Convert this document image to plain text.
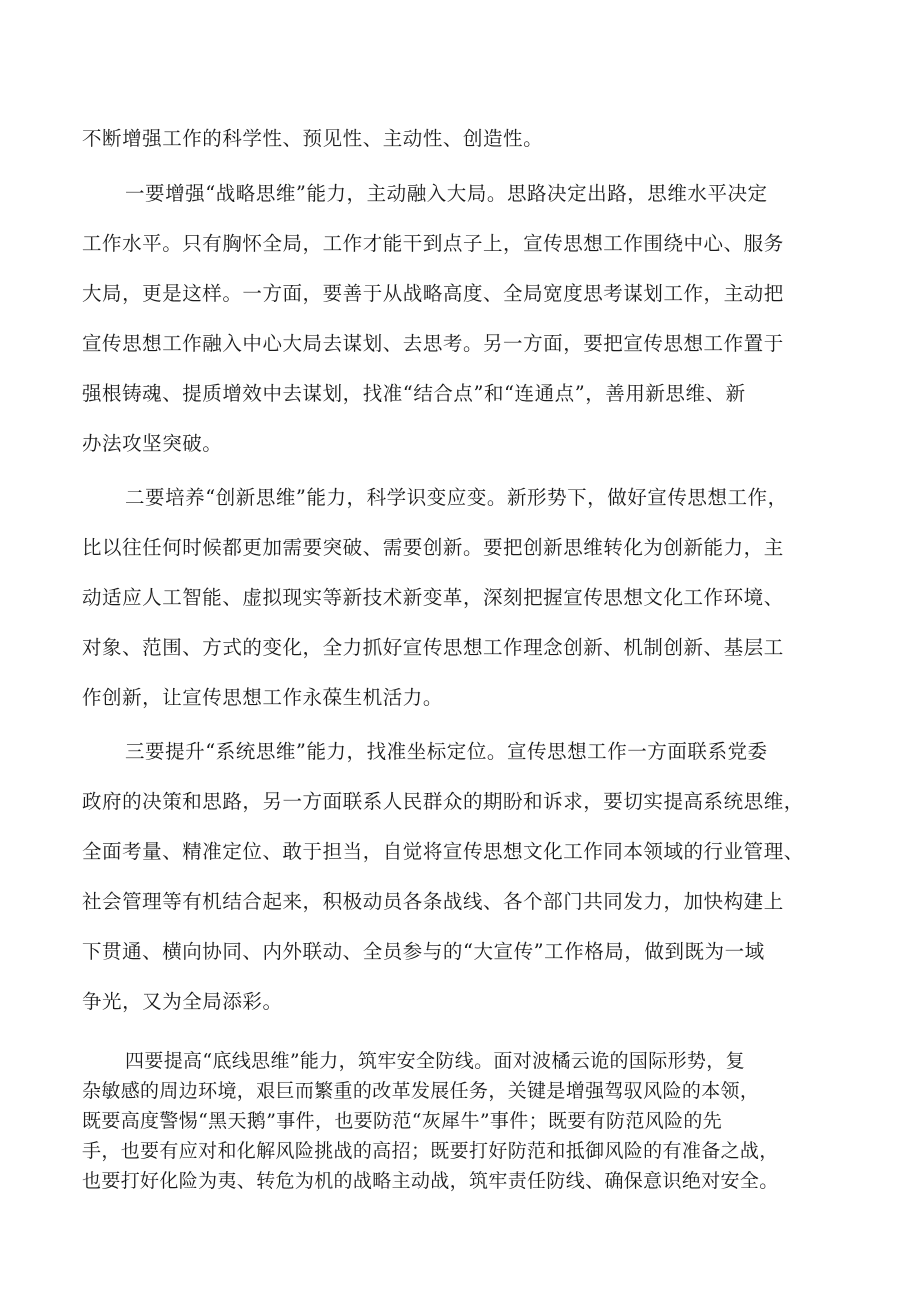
不断增强工作的科学性、预见性、主动性、创造性。
一要增强“战略思维”能力，主动融入大局。思路决定出路，思维水平决定
工作水平。只有胸怀全局，工作才能干到点子上，宣传思想工作围绕中心、服务
大局，更是这样。一方面，要善于从战略高度、全局宽度思考谋划工作，主动把
宣传思想工作融入中心大局去谋划、去思考。另一方面，要把宣传思想工作置于
强根铸魂、提质增效中去谋划，找准“结合点”和“连通点”，善用新思维、新
办法攻坚突破。
二要培养“创新思维”能力，科学识变应变。新形势下，做好宣传思想工作，
比以往任何时候都更加需要突破、需要创新。要把创新思维转化为创新能力，主
动适应人工智能、虚拟现实等新技术新变革，深刻把握宣传思想文化工作环境、
对象、范围、方式的变化，全力抓好宣传思想工作理念创新、机制创新、基层工
作创新，让宣传思想工作永葆生机活力。
三要提升“系统思维”能力，找准坐标定位。宣传思想工作一方面联系党委
政府的决策和思路，另一方面联系人民群众的期盼和诉求，要切实提高系统思维，
全面考量、精准定位、敢于担当，自觉将宣传思想文化工作同本领域的行业管理、
社会管理等有机结合起来，积极动员各条战线、各个部门共同发力，加快构建上
下贯通、横向协同、内外联动、全员参与的“大宣传”工作格局，做到既为一域
争光，又为全局添彩。
四要提高“底线思维”能力，筑牢安全防线。面对波橘云诡的国际形势，复
杂敏感的周边环境，艰巨而繁重的改革发展任务，关键是增强驾驭风险的本领，
既要高度警惕“黑天鹅”事件，也要防范“灰犀牛”事件；既要有防范风险的先
手，也要有应对和化解风险挑战的高招；既要打好防范和抵御风险的有准备之战，
也要打好化险为夷、转危为机的战略主动战，筑牢责任防线、确保意识绝对安全。
